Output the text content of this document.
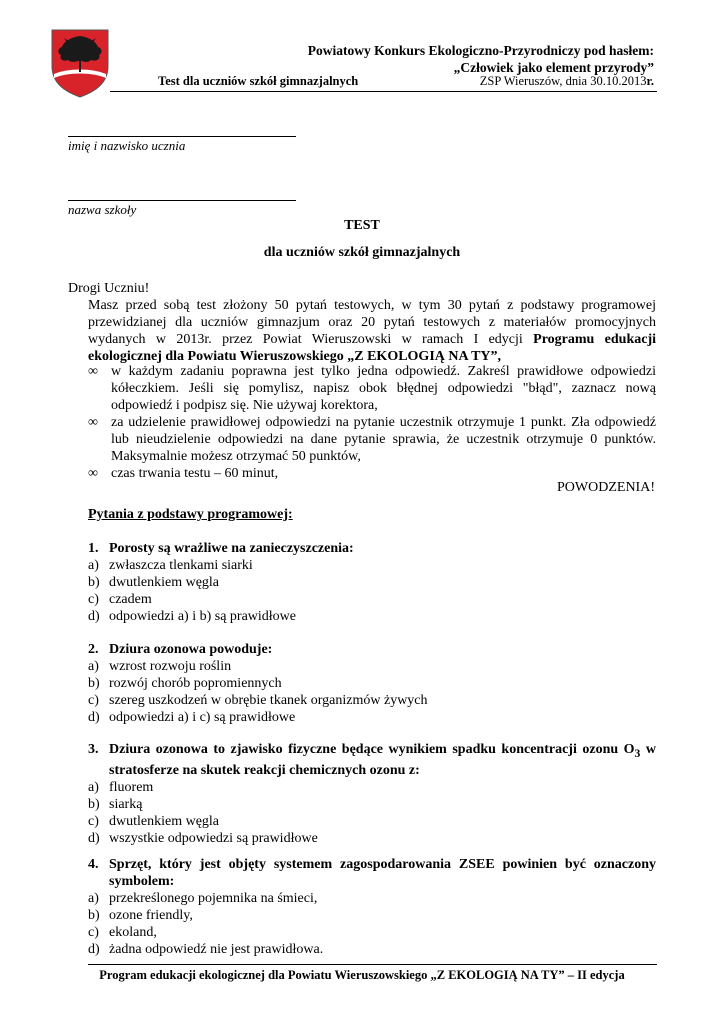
Powiatowy Konkurs Ekologiczno-Przyrodniczy pod hasłem:
„Człowiek jako element przyrody”
Test dla uczniów szkół gimnazjalnych	ZSP Wieruszów, dnia 30.10.2013r.
imię i nazwisko ucznia
nazwa szkoły
TEST
dla uczniów szkół gimnazjalnych
Drogi Uczniu!
Masz przed sobą test złożony 50 pytań testowych, w tym 30 pytań z podstawy programowej przewidzianej dla uczniów gimnazjum oraz 20 pytań testowych z materiałów promocyjnych wydanych w 2013r. przez Powiat Wieruszowski w ramach I edycji Programu edukacji ekologicznej dla Powiatu Wieruszowskiego „Z EKOLOGIĄ NA TY”,
∞ w każdym zadaniu poprawna jest tylko jedna odpowiedź. Zakreśl prawidłowe odpowiedzi kółeczkiem. Jeśli się pomylisz, napisz obok błędnej odpowiedzi "błąd", zaznacz nową odpowiedź i podpisz się. Nie używaj korektora,
∞ za udzielenie prawidłowej odpowiedzi na pytanie uczestnik otrzymuje 1 punkt. Zła odpowiedź lub nieudzielenie odpowiedzi na dane pytanie sprawia, że uczestnik otrzymuje 0 punktów. Maksymalnie możesz otrzymać 50 punktów,
∞ czas trwania testu – 60 minut,
POWODZENIA!
Pytania z podstawy programowej:
1. Porosty są wrażliwe na zanieczyszczenia:
a) zwłaszcza tlenkami siarki
b) dwutlenkiem węgla
c) czadem
d) odpowiedzi a) i b) są prawidłowe
2. Dziura ozonowa powoduje:
a) wzrost rozwoju roślin
b) rozwój chorób popromiennych
c) szereg uszkodzeń w obrębie tkanek organizmów żywych
d) odpowiedzi a) i c) są prawidłowe
3. Dziura ozonowa to zjawisko fizyczne będące wynikiem spadku koncentracji ozonu $O_3$ w stratosferze na skutek reakcji chemicznych ozonu z:
a) fluorem
b) siarką
c) dwutlenkiem węgla
d) wszystkie odpowiedzi są prawidłowe
4. Sprzęt, który jest objęty systemem zagospodarowania ZSEE powinien być oznaczony symbolem:
a) przekreślonego pojemnika na śmieci,
b) ozone friendly,
c) ekoland,
d) żadna odpowiedź nie jest prawidłowa.
Program edukacji ekologicznej dla Powiatu Wieruszowskiego „Z EKOLOGIĄ NA TY” – II edycja
